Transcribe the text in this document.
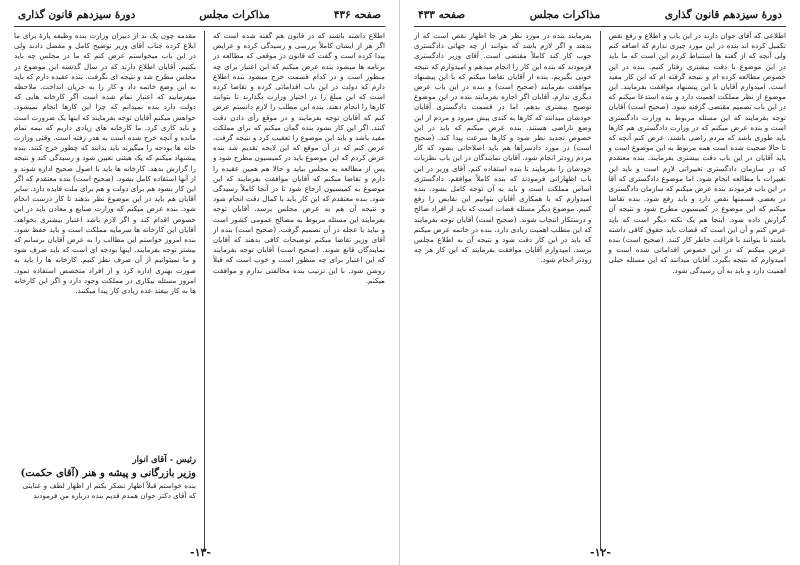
صفحه ۴۳۶
مذاکرات مجلس
دورهٔ سیزدهم قانون گذاری

اطلاع داشته باشند که در قانون هم گفته شده است که اگر هر از ایشان کاملاً بررسی و رسیدگی کرده و عرایض پیدا کرده است و گفت که قانون در موقعی که مطالعه در برنامه ها میشود بنده عرض میکنم که این اعتبار برای چه منظور است و در کدام قسمت خرج میشود بنده اطلاع دارم که دولت در این باب اقداماتی کرده و تقاضا کرده است که این مبلغ را در اختیار وزارت بگذارند تا بتوانند کارها را انجام دهند. بنده این مطلب را لازم دانستم عرض کنم که آقایان توجه بفرمایند و در موقع رأی دادن دقت کنند. اگر این کار بشود بنده گمان میکنم که برای مملکت مفید باشد و باید این موضوع را تعقیب کرد و نتیجه گرفت. عرض کنم که در آن موقع که این لایحه تقدیم شد بنده عرض کردم که این موضوع باید در کمیسیون مطرح شود و پس از مطالعه به مجلس بیاید و حالا هم همین عقیده را دارم و تقاضا میکنم که آقایان موافقت بفرمایند که این موضوع به کمیسیون ارجاع شود تا در آنجا کاملاً رسیدگی شود. بنده معتقدم که این کار باید با کمال دقت انجام شود و نتیجه آن هم به عرض مجلس برسد. آقایان توجه بفرمایند این مسئله مربوط به مصالح عمومی کشور است و نباید با عجله در آن تصمیم گرفت. (صحیح است) بنده از آقای وزیر تقاضا میکنم توضیحات کافی بدهند که آقایان نمایندگان قانع شوند. (صحیح است) آقایان توجه بفرمایند که این اعتبار برای چه منظور است و خوب است که قبلاً روشن شود. با این ترتیب بنده مخالفتی ندارم و موافقت میکنم.

مقدمه چون یک ند از دبیران وزارت بنده وظیفه پارهٔ برای ما ابلاغ کرده جناب آقای وزیر توضیح کامل و مفصل دادند ولی در این باب میخواستم عرض کنم که ما در مجلس چه باید بکنیم. آقایان اطلاع دارند که در سال گذشته این موضوع در مجلس مطرح شد و نتیجه ای نگرفت. بنده عقیده دارم که باید به این وضع خاتمه داد و کار را به جریان انداخت. ملاحظه میفرمایید که اعتبار تمام شده است اگر کارخانه هایی که دولت دارد بنده نمیدانم که چرا این کارها انجام نمیشود. خواهش میکنم آقایان توجه بفرمایند که اینها یک ضرورت است و باید کاری کرد. ما کارخانه های زیادی داریم که نیمه تمام مانده و آنچه خرج شده است به هدر رفته است. وقتی وزارت خانه ها بودجه را میگیرند باید بدانند که چطور خرج کنند. بنده پیشنهاد میکنم که یک هیئتی تعیین شود و رسیدگی کند و نتیجه را گزارش بدهد. کارخانه ها باید با اصول صحیح اداره شوند و از آنها استفاده کامل بشود. (صحیح است) بنده معتقدم که اگر این کار بشود هم برای دولت و هم برای ملت فایده دارد. سایر آقایان هم باید در این موضوع نظر بدهند تا کار درست انجام شود. بنده عرض میکنم که وزارت صنایع و معادن باید در این خصوص اقدام کند و اگر لازم باشد اعتبار بیشتری بخواهد. آقایان این کارخانه ها سرمایه مملکت است و باید حفظ شود. بنده امروز خواستم این مطالب را به عرض آقایان برسانم که بیشتر توجه بفرمایند. اینها بودجه ای است که باید صرف شود و ما نمیتوانیم از آن صرف نظر کنیم. کارخانه ها را باید به صورت بهتری اداره کرد و از افراد متخصص استفاده نمود. امروز مسئله بیکاری در مملکت وجود دارد و اگر این کارخانه ها به کار بیفتد عده زیادی کار پیدا میکنند.

رئیس - آقای انوار
وزیر بازرگانی و پیشه و هنر (آقای حکمت)
بنده خواستم قبلاً اظهار تشکر بکنم از اظهار لطف و عنایتی که آقای دکتر جوان همدم قدیم بنده درباره من فرمودند
-۱۳-
دورهٔ سیزدهم قانون گذاری
مذاکرات مجلس
صفحه ۴۳۳

اطلاعی که آقای جوان دارند در این باب و اطلاع و رفع نقص تکمیل کرده اند بنده در این مورد چیزی ندارم که اضافه کنم ولی آنچه که از گفته ها استنباط کردم این است که ما باید در این موضوع با دقت بیشتری رفتار کنیم. بنده در این خصوص مطالعه کرده ام و نتیجه گرفته ام که این کار مفید است. امیدوارم آقایان با این پیشنهاد موافقت بفرمایند. این موضوع از نظر مملکت اهمیت دارد و بنده استدعا میکنم که در این باب تصمیم مقتضی گرفته شود. (صحیح است) آقایان توجه بفرمایند که این مسئله مربوط به وزارت دادگستری است و بنده عرض میکنم که در وزارت دادگستری هم کارها باید طوری باشد که مردم راضی باشند. عرض کنم آنچه که تا حالا صحبت شده است همه مربوط به این موضوع است و باید آقایان در این باب دقت بیشتری بفرمایند. بنده معتقدم که در سازمان دادگستری تغییراتی لازم است و باید این تغییرات با مطالعه انجام شود. اما موضوع دادگستری که آقا در این باب فرمودند بنده عرض میکنم که سازمان دادگستری در بعضی قسمتها نقص دارد و باید رفع شود. بنده تقاضا میکنم که این موضوع در کمیسیون مطرح شود و نتیجه آن گزارش داده شود. اینجا هم یک نکته دیگر است که باید عرض کنم و آن این است که قضات باید حقوق کافی داشته باشند تا بتوانند با فراغت خاطر کار کنند. (صحیح است) بنده عرض میکنم که در این خصوص اقداماتی شده است و امیدوارم که نتیجه بگیرد. آقایان میدانند که این مسئله خیلی اهمیت دارد و باید به آن رسیدگی شود.

بفرمایند بنده در مورد نظر هر جا اظهار نقص است که از بدهند و اگر لازم باشد که بتوانند از چه جهاتی دادگستری خوب کار کند کاملاً مقتضی است. آقای وزیر دادگستری فرمودند که بنده این کار را انجام میدهم و امیدوارم که نتیجه خوبی بگیریم. بنده از آقایان تقاضا میکنم که با این پیشنهاد موافقت بفرمایند (صحیح است) و بنده در این باب عرض دیگری ندارم. آقایان اگر اجازه بفرمایند بنده در این موضوع توضیح بیشتری بدهم. اما در قسمت دادگستری آقایان خودشان میدانند که کارها به کندی پیش میرود و مردم از این وضع ناراضی هستند. بنده عرض میکنم که باید در این خصوص تجدید نظر شود و کارها سرعت پیدا کند. (صحیح است) در مورد دادسراها هم باید اصلاحاتی بشود که کار مردم زودتر انجام شود. آقایان نمایندگان در این باب نظریات خودشان را بفرمایند تا بنده استفاده کنم. آقای وزیر در این باب اظهاراتی فرمودند که بنده کاملاً موافقم. دادگستری اساس مملکت است و باید به آن توجه کامل بشود. بنده امیدوارم که با همکاری آقایان بتوانیم این نقایص را رفع کنیم. موضوع دیگر مسئله قضات است که باید از افراد صالح و درستکار انتخاب شوند. (صحیح است) آقایان توجه بفرمایند که این مطلب اهمیت زیادی دارد. بنده در خاتمه عرض میکنم که باید در این کار دقت شود و نتیجه آن به اطلاع مجلس برسد. امیدوارم آقایان موافقت بفرمایند که این کار هر چه زودتر انجام شود.

-۱۲-
